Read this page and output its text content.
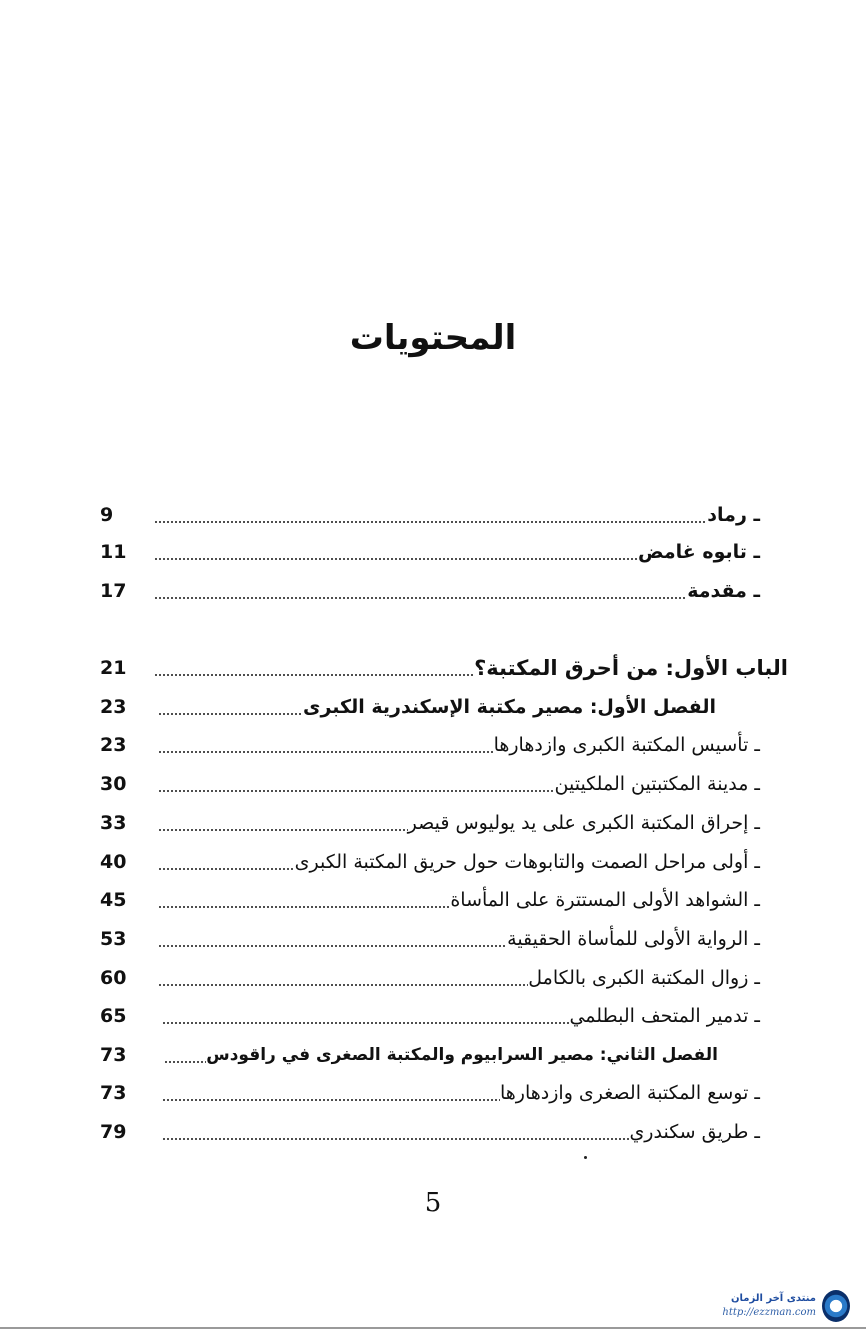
المحتويات
9	ـ رماد
11	ـ تابوه غامض
17	ـ مقدمة
21	الباب الأول: من أحرق المكتبة؟
23	الفصل الأول: مصير مكتبة الإسكندرية الكبرى
23	ـ تأسيس المكتبة الكبرى وازدهارها
30	ـ مدينة المكتبتين الملكيتين
33	ـ إحراق المكتبة الكبرى على يد يوليوس قيصر
40	ـ أولى مراحل الصمت والتابوهات حول حريق المكتبة الكبرى
45	ـ الشواهد الأولى المستترة على المأساة
53	ـ الرواية الأولى للمأساة الحقيقية
60	ـ زوال المكتبة الكبرى بالكامل
65	ـ تدمير المتحف البطلمي
73	الفصل الثاني: مصير السرابيوم والمكتبة الصغرى في راقودس
73	ـ توسع المكتبة الصغرى وازدهارها
79	ـ طريق سكندري
5
منتدى آخر الزمان
http://ezzman.com
